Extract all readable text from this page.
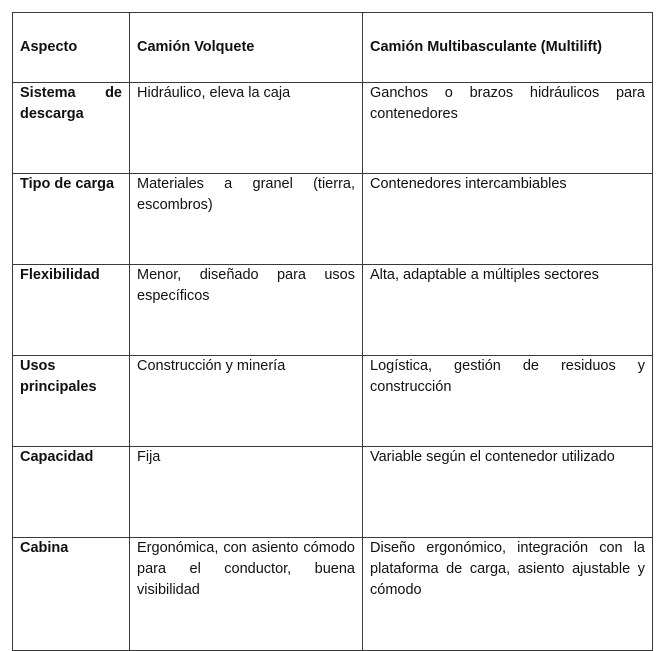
Aspecto	Camión Volquete	Camión Multibasculante (Multilift)
Sistema de descarga	Hidráulico, eleva la caja	Ganchos o brazos hidráulicos para contenedores
Tipo de carga	Materiales a granel (tierra, escombros)	Contenedores intercambiables
Flexibilidad	Menor, diseñado para usos específicos	Alta, adaptable a múltiples sectores
Usos principales	Construcción y minería	Logística, gestión de residuos y construcción
Capacidad	Fija	Variable según el contenedor utilizado
Cabina	Ergonómica, con asiento cómodo para el conductor, buena visibilidad	Diseño ergonómico, integración con la plataforma de carga, asiento ajustable y cómodo
